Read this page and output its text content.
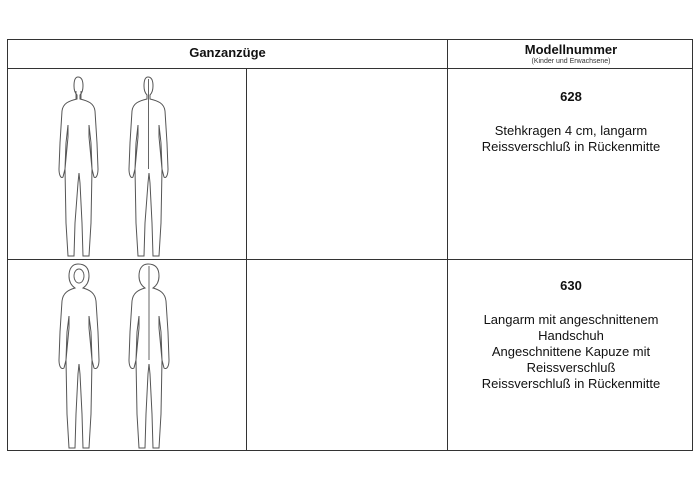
Ganzanzüge	Modellnummer
(Kinder und Erwachsene)
628
Stehkragen 4 cm, langarm
Reissverschluß in Rückenmitte
630
Langarm mit angeschnittenem
Handschuh
Angeschnittene Kapuze mit
Reissverschluß
Reissverschluß in Rückenmitte
